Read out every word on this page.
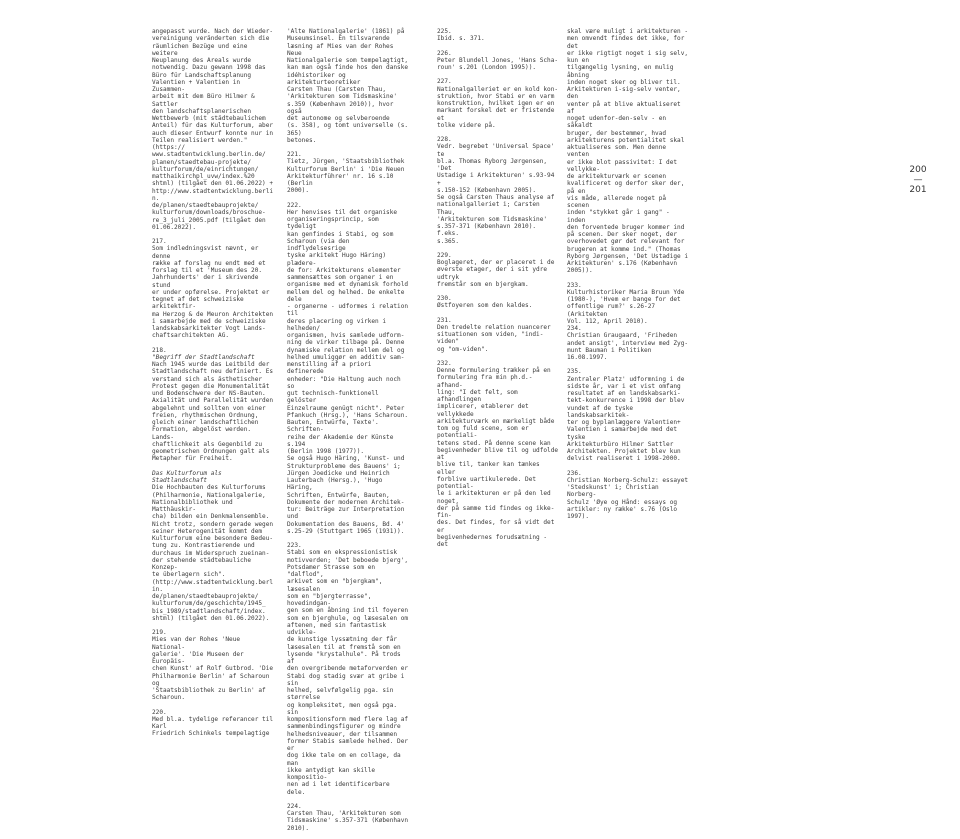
angepasst wurde. Nach der Wieder-
vereinigung veränderten sich die
räumlichen Bezüge und eine weitere
Neuplanung des Areals wurde
notwendig. Dazu gewann 1998 das
Büro für Landschaftsplanung
Valentien + Valentien in Zusammen-
arbeit mit dem Büro Hilmer & Sattler
den landschaftsplanerischen
Wettbewerb (mit städtebaulichem
Anteil) für das Kulturforum, aber
auch dieser Entwurf konnte nur in
Teilen realisiert werden." (https://
www.stadtentwicklung.berlin.de/
planen/staedtebau-projekte/
kulturforum/de/einrichtungen/
matthaikirchpl_uvw/index.%20
shtml) (tilgået den 01.06.2022) +
http://www.stadtentwicklung.berlin.
de/planen/staedtebauprojekte/
kulturforum/downloads/broschue-
re_3_juli_2005.pdf (tilgået den
01.06.2022).
217.
Som indledningsvist nævnt, er denne
række af forslag nu endt med et
forslag til et 'Museum des 20.
Jahrhunderts' der i skrivende stund
er under opførelse. Projektet er
tegnet af det schweiziske arkitektfir-
ma Herzog & de Meuron Architekten
i samarbejde med de schweiziske
landskabsarkitekter Vogt Lands-
chaftsarchitekten AG.
218.
"Begriff der Stadtlandschaft
Nach 1945 wurde das Leitbild der
Stadtlandschaft neu definiert. Es
verstand sich als ästhetischer
Protest gegen die Monumentalität
und Bodenschwere der NS-Bauten.
Axialität und Parallelität wurden
abgelehnt und sollten von einer
freien, rhythmischen Ordnung,
gleich einer landschaftlichen
Formation, abgelöst werden. Lands-
chaftlichkeit als Gegenbild zu
geometrischen Ordnungen galt als
Metapher für Freiheit.
Das Kulturforum als Stadtlandschaft
Die Hochbauten des Kulturforums
(Philharmonie, Nationalgalerie,
Nationalbibliothek und Matthäuskir-
cha) bilden ein Denkmalensemble.
Nicht trotz, sondern gerade wegen
seiner Heterogenität kommt dem
Kulturforum eine besondere Bedeu-
tung zu. Kontrastierende und
durchaus im Widerspruch zueinan-
der stehende städtebauliche Konzep-
te überlagern sich".
(http://www.stadtentwicklung.berlin.
de/planen/staedtebauprojekte/
kulturforum/de/geschichte/1945_
bis_1989/stadtlandschaft/index.
shtml) (tilgået den 01.06.2022).
219.
Mies van der Rohes 'Neue National-
galerie'. 'Die Museen der Europäis-
chen Kunst' af Rolf Gutbrod. 'Die
Philharmonie Berlin' af Scharoun og
'Staatsbibliothek zu Berlin' af
Scharoun.
220.
Med bl.a. tydelige referancer til Karl
Friedrich Schinkels tempelagtige
'Alte Nationalgalerie' (1861) på
Museumsinsel. En tilsvarende
læsning af Mies van der Rohes Neue
Nationalgalerie som tempelagtigt,
kan man også finde hos den danske
idéhistoriker og arkitekturteoretiker
Carsten Thau (Carsten Thau,
'Arkitekturen som Tidsmaskine'
s.359 (København 2010)), hvor også
det autonome og selvberoende
(s. 358), og tomt universelle (s. 365)
betones.
221.
Tietz, Jürgen, 'Staatsbibliothek
Kulturforum Berlin' i 'Die Neuen
Arkitekturführer' nr. 16 s.10 (Berlin
2000).
222.
Her henvises til det organiske
organiseringsprincip, som tydeligt
kan genfindes i Stabi, og som
Scharoun (via den indflydelsesrige
tyske arkitekt Hugo Häring) plædere-
de for: Arkitekturens elementer
sammensættes som organer i en
organisme med et dynamisk forhold
mellem del og helhed. De enkelte dele
- organerne - udformes i relation til
deres placering og virken i helheden/
organismen, hvis samlede udform-
ning de virker tilbage på. Denne
dynamiske relation mellem del og
helhed umuliggør en additiv sam-
menstilling af a priori definerede
enheder: "Die Haltung auch noch so
gut technisch-funktionell gelöster
Einzelraume genügt nicht". Peter
Pfankuch (Hrsg.), 'Hans Scharoun.
Bauten, Entwürfe, Texte'. Schriften-
reihe der Akademie der Künste s.194
(Berlin 1998 (1977)).
Se også Hugo Häring, 'Kunst- und
Strukturprobleme des Bauens' i;
Jürgen Joedicke und Heinrich
Lauterbach (Hersg.), 'Hugo Häring,
Schriften, Entwürfe, Bauten,
Dokumente der modernen Architek-
tur: Beiträge zur Interpretation und
Dokumentation des Bauens, Bd. 4'
s.25-29 (Stuttgart 1965 (1931)).
223.
Stabi som en ekspressionistisk
motivverden; 'Det beboede bjerg',
Potsdamer Strasse som en "dalflod",
arkivet som en "bjergkam", læsesalen
som en "bjergterrasse", hovedindgan-
gen som en åbning ind til foyeren
som en bjerghule, og læsesalen om
aftenen, med sin fantastisk udvikle-
de kunstige lyssætning der får
læsesalen til at fremstå som en
lysende "krystalhule". På trods af
den overgribende metaforverden er
Stabi dog stadig svær at gribe i sin
helhed, selvfølgelig pga. sin størrelse
og kompleksitet, men også pga. sin
kompositionsform med flere lag af
sammenbindingsfigurer og mindre
helhedsniveauer, der tilsammen
former Stabis samlede helhed. Der er
dog ikke tale om en collage, da man
ikke antydigt kan skille kompositio-
nen ad i let identificerbare dele.
224.
Carsten Thau, 'Arkitekturen som
Tidsmaskine' s.357-371 (København
2010).
225.
Ibid. s. 371.
226.
Peter Blundell Jones, 'Hans Scha-
roun' s.201 (London 1995)).
227.
Nationalgalleriet er en kold kon-
struktion, hvor Stabi er en varm
konstruktion, hvilket igen er en
markant forskel det er fristende et
tolke videre på.
228.
Vedr. begrebet 'Universal Space' te
bl.a. Thomas Ryborg Jørgensen, 'Det
Ustadige i Arkitekturen' s.93-94 +
s.150-152 (København 2005).
Se også Carsten Thaus analyse af
nationalgalleriet i; Carsten Thau,
'Arkitekturen som Tidsmaskine'
s.357-371 (København 2010). f.eks.
s.365.
229.
Boglageret, der er placeret i de
øverste etager, der i sit ydre udtryk
fremstår som en bjergkam.
230.
Østfoyeren som den kaldes.
231.
Den tredelte relation nuancerer
situationen som viden, "indi-viden"
og "om-viden".
232.
Denne formulering trækker på en
formulering fra min ph.d.- afhand-
ling: "I det felt, som afhandlingen
implicerer, etablerer det vellykkede
arkitekturværk en mærkeligt både
tom og fuld scene, som er potentiali-
tetens sted. På denne scene kan
begivenheder blive til og udfolde at
blive til, tanker kan tænkes eller
forblive uartikulerede. Det potential-
le i arkitekturen er på den led noget,
der på samme tid findes og ikke-fin-
des. Det findes, for så vidt det er
begivenhedernes forudsætning - det
skal være muligt i arkitekturen -
men omvendt findes det ikke, for det
er ikke rigtigt noget i sig selv, kun en
tilgængelig lysning, en mulig åbning
inden noget sker og bliver til.
Arkitekturen i-sig-selv venter, den
venter på at blive aktualiseret af
noget udenfor-den-selv - en såkaldt
bruger, der bestemmer, hvad
arkitekturens potentialitet skal
aktualiseres som. Men denne venten
er ikke blot passivitet: I det vellykke-
de arkitekturværk er scenen
kvalificeret og derfor sker der, på en
vis måde, allerede noget på scenen
inden "stykket går i gang" - inden
den forventede bruger kommer ind
på scenen. Der sker noget, der
overhovedet gør det relevant for
brugeren at komme ind." (Thomas
Ryborg Jørgensen, 'Det Ustadige i
Arkitekturen' s.176 (København
2005)).
233.
Kulturhistoriker Maria Bruun Yde
(1980-), 'Hvem er bange for det
offentlige rum?' s.26-27 (Arkitekten
Vol. 112, April 2010).
234.
Christian Graugaard, 'Friheden
andet ansigt', interview med Zyg-
munt Bauman i Politiken 16.08.1997.
235.
Zentraler Platz' udformning i de
sidste år, var i et vist omfang
resultatet af en landskabsarki-
tekt-konkurrence i 1998 der blev
vundet af de tyske landskabsarkitek-
ter og byplanlæggere Valentien+
Valentien i samarbejde med det tyske
Arkitekturbüro Hilmer Sattler
Architekten. Projektet blev kun
delvist realiseret i 1998-2000.
236.
Christian Norberg-Schulz: essayet
'Stedskunst' i; Christian Norberg-
Schulz 'Øye og Hånd: essays og
artikler: ny række' s.76 (Oslo 1997).
200
—
201
